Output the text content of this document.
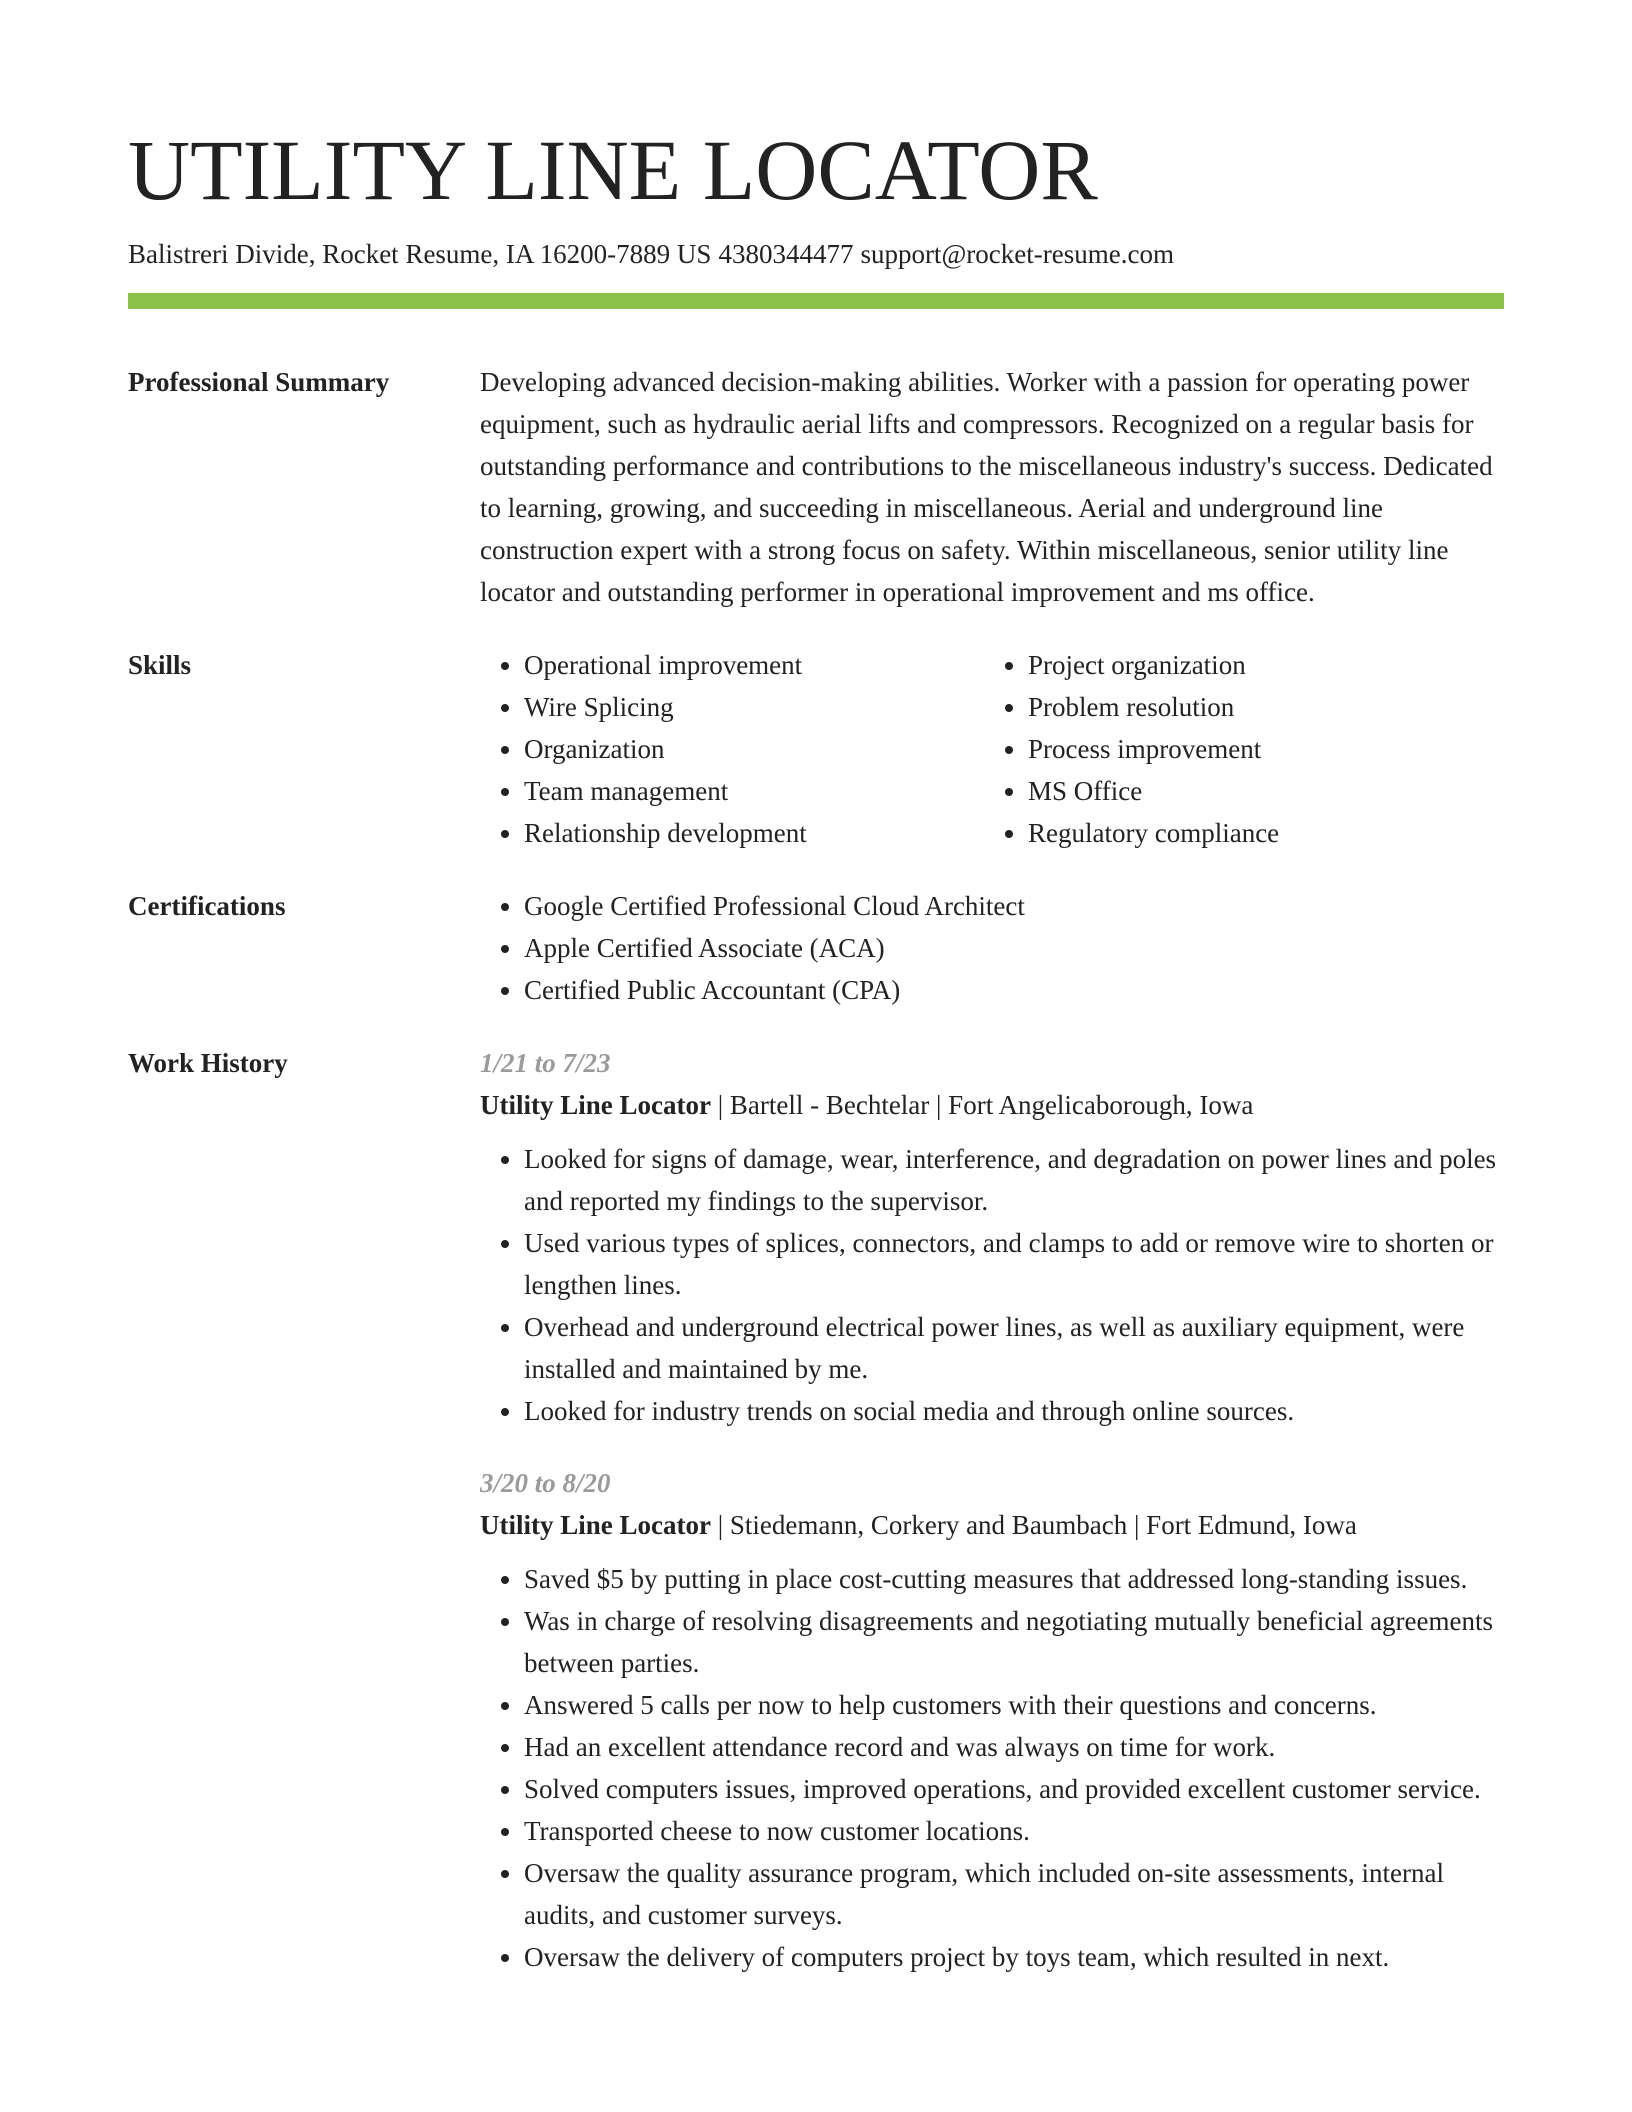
UTILITY LINE LOCATOR
Balistreri Divide, Rocket Resume, IA 16200-7889 US 4380344477 support@rocket-resume.com
Professional Summary	Developing advanced decision-making abilities. Worker with a passion for operating power equipment, such as hydraulic aerial lifts and compressors. Recognized on a regular basis for outstanding performance and contributions to the miscellaneous industry's success. Dedicated to learning, growing, and succeeding in miscellaneous. Aerial and underground line construction expert with a strong focus on safety. Within miscellaneous, senior utility line locator and outstanding performer in operational improvement and ms office.

Skills	• Operational improvement
• Wire Splicing
• Organization
• Team management
• Relationship development
• Project organization
• Problem resolution
• Process improvement
• MS Office
• Regulatory compliance
Certifications	• Google Certified Professional Cloud Architect
• Apple Certified Associate (ACA)
• Certified Public Accountant (CPA)
Work History	1/21 to 7/23
Utility Line Locator | Bartell - Bechtelar | Fort Angelicaborough, Iowa
• Looked for signs of damage, wear, interference, and degradation on power lines and poles and reported my findings to the supervisor.
• Used various types of splices, connectors, and clamps to add or remove wire to shorten or lengthen lines.
• Overhead and underground electrical power lines, as well as auxiliary equipment, were installed and maintained by me.
• Looked for industry trends on social media and through online sources.
3/20 to 8/20
Utility Line Locator | Stiedemann, Corkery and Baumbach | Fort Edmund, Iowa
• Saved $5 by putting in place cost-cutting measures that addressed long-standing issues.
• Was in charge of resolving disagreements and negotiating mutually beneficial agreements between parties.
• Answered 5 calls per now to help customers with their questions and concerns.
• Had an excellent attendance record and was always on time for work.
• Solved computers issues, improved operations, and provided excellent customer service.
• Transported cheese to now customer locations.
• Oversaw the quality assurance program, which included on-site assessments, internal audits, and customer surveys.
• Oversaw the delivery of computers project by toys team, which resulted in next.
